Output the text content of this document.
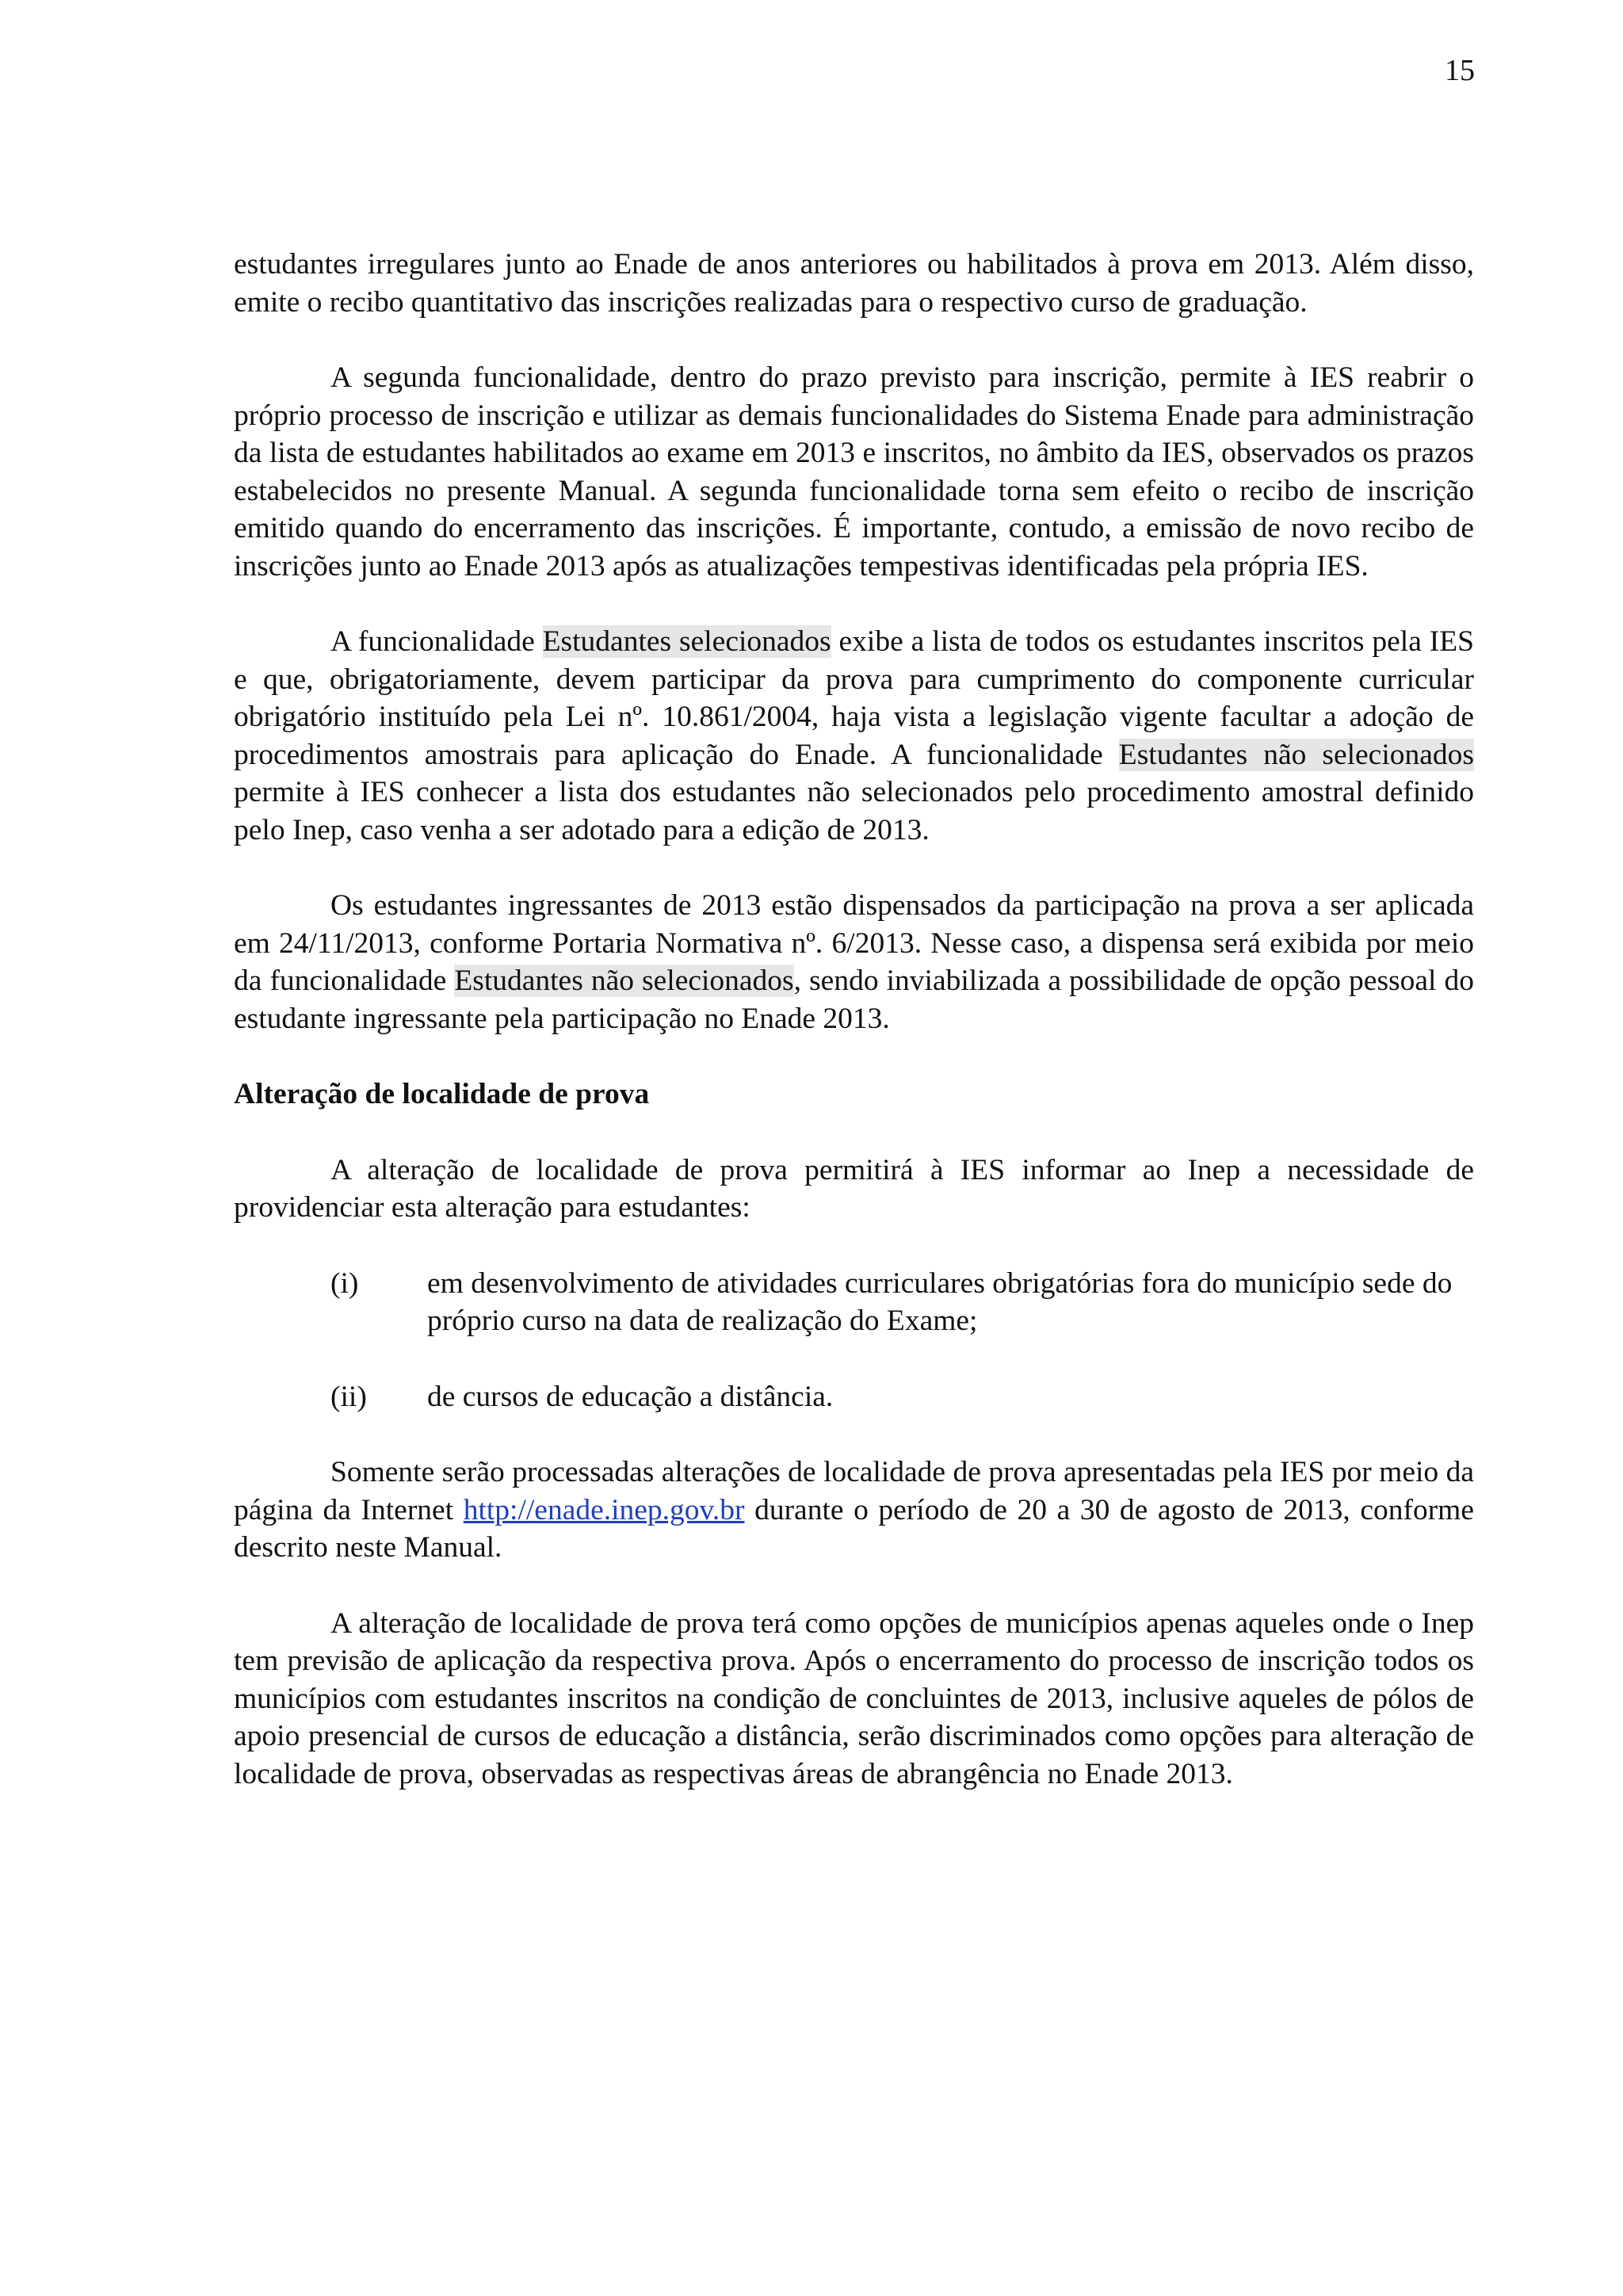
15

estudantes irregulares junto ao Enade de anos anteriores ou habilitados à prova em 2013. Além disso, emite o recibo quantitativo das inscrições realizadas para o respectivo curso de graduação.

A segunda funcionalidade, dentro do prazo previsto para inscrição, permite à IES reabrir o próprio processo de inscrição e utilizar as demais funcionalidades do Sistema Enade para administração da lista de estudantes habilitados ao exame em 2013 e inscritos, no âmbito da IES, observados os prazos estabelecidos no presente Manual. A segunda funcionalidade torna sem efeito o recibo de inscrição emitido quando do encerramento das inscrições. É importante, contudo, a emissão de novo recibo de inscrições junto ao Enade 2013 após as atualizações tempestivas identificadas pela própria IES.

A funcionalidade Estudantes selecionados exibe a lista de todos os estudantes inscritos pela IES e que, obrigatoriamente, devem participar da prova para cumprimento do componente curricular obrigatório instituído pela Lei nº. 10.861/2004, haja vista a legislação vigente facultar a adoção de procedimentos amostrais para aplicação do Enade. A funcionalidade Estudantes não selecionados permite à IES conhecer a lista dos estudantes não selecionados pelo procedimento amostral definido pelo Inep, caso venha a ser adotado para a edição de 2013.

Os estudantes ingressantes de 2013 estão dispensados da participação na prova a ser aplicada em 24/11/2013, conforme Portaria Normativa nº. 6/2013. Nesse caso, a dispensa será exibida por meio da funcionalidade Estudantes não selecionados, sendo inviabilizada a possibilidade de opção pessoal do estudante ingressante pela participação no Enade 2013.

Alteração de localidade de prova

A alteração de localidade de prova permitirá à IES informar ao Inep a necessidade de providenciar esta alteração para estudantes:

(i)	em desenvolvimento de atividades curriculares obrigatórias fora do município sede do próprio curso na data de realização do Exame;
(ii)	de cursos de educação a distância.

Somente serão processadas alterações de localidade de prova apresentadas pela IES por meio da página da Internet http://enade.inep.gov.br durante o período de 20 a 30 de agosto de 2013, conforme descrito neste Manual.

A alteração de localidade de prova terá como opções de municípios apenas aqueles onde o Inep tem previsão de aplicação da respectiva prova. Após o encerramento do processo de inscrição todos os municípios com estudantes inscritos na condição de concluintes de 2013, inclusive aqueles de pólos de apoio presencial de cursos de educação a distância, serão discriminados como opções para alteração de localidade de prova, observadas as respectivas áreas de abrangência no Enade 2013.
